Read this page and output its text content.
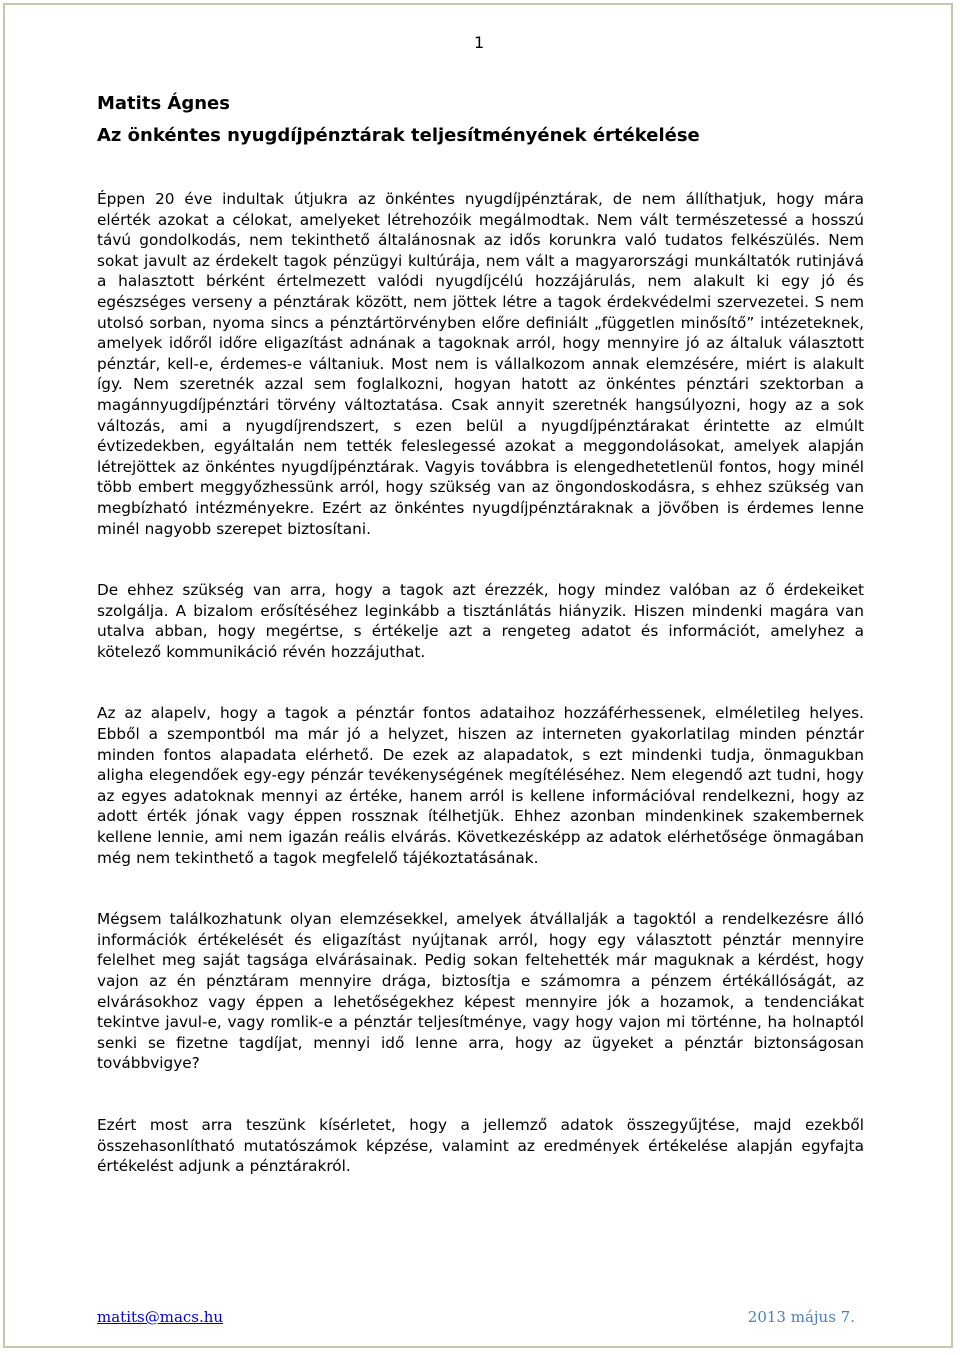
1
Matits Ágnes
Az önkéntes nyugdíjpénztárak teljesítményének értékelése

Éppen 20 éve indultak útjukra az önkéntes nyugdíjpénztárak, de nem állíthatjuk, hogy mára elérték azokat a célokat, amelyeket létrehozóik megálmodtak. Nem vált természetessé a hosszú távú gondolkodás, nem tekinthető általánosnak az idős korunkra való tudatos felkészülés. Nem sokat javult az érdekelt tagok pénzügyi kultúrája, nem vált a magyarországi munkáltatók rutinjává a halasztott bérként értelmezett valódi nyugdíjcélú hozzájárulás, nem alakult ki egy jó és egészséges verseny a pénztárak között, nem jöttek létre a tagok érdekvédelmi szervezetei. S nem utolsó sorban, nyoma sincs a pénztártörvényben előre definiált „független minősítő” intézeteknek, amelyek időről időre eligazítást adnának a tagoknak arról, hogy mennyire jó az általuk választott pénztár, kell-e, érdemes-e váltaniuk. Most nem is vállalkozom annak elemzésére, miért is alakult így. Nem szeretnék azzal sem foglalkozni, hogyan hatott az önkéntes pénztári szektorban a magánnyugdíjpénztári törvény változtatása. Csak annyit szeretnék hangsúlyozni, hogy az a sok változás, ami a nyugdíjrendszert, s ezen belül a nyugdíjpénztárakat érintette az elmúlt évtizedekben, egyáltalán nem tették feleslegessé azokat a meggondolásokat, amelyek alapján létrejöttek az önkéntes nyugdíjpénztárak. Vagyis továbbra is elengedhetetlenül fontos, hogy minél több embert meggyőzhessünk arról, hogy szükség van az öngondoskodásra, s ehhez szükség van megbízható intézményekre. Ezért az önkéntes nyugdíjpénztáraknak a jövőben is érdemes lenne minél nagyobb szerepet biztosítani.

De ehhez szükség van arra, hogy a tagok azt érezzék, hogy mindez valóban az ő érdekeiket szolgálja. A bizalom erősítéséhez leginkább a tisztánlátás hiányzik. Hiszen mindenki magára van utalva abban, hogy megértse, s értékelje azt a rengeteg adatot és információt, amelyhez a kötelező kommunikáció révén hozzájuthat.

Az az alapelv, hogy a tagok a pénztár fontos adataihoz hozzáférhessenek, elméletileg helyes. Ebből a szempontból ma már jó a helyzet, hiszen az interneten gyakorlatilag minden pénztár minden fontos alapadata elérhető. De ezek az alapadatok, s ezt mindenki tudja, önmagukban aligha elegendőek egy-egy pénzár tevékenységének megítéléséhez. Nem elegendő azt tudni, hogy az egyes adatoknak mennyi az értéke, hanem arról is kellene információval rendelkezni, hogy az adott érték jónak vagy éppen rossznak ítélhetjük. Ehhez azonban mindenkinek szakembernek kellene lennie, ami nem igazán reális elvárás. Következésképp az adatok elérhetősége önmagában még nem tekinthető a tagok megfelelő tájékoztatásának.

Mégsem találkozhatunk olyan elemzésekkel, amelyek átvállalják a tagoktól a rendelkezésre álló információk értékelését és eligazítást nyújtanak arról, hogy egy választott pénztár mennyire felelhet meg saját tagsága elvárásainak. Pedig sokan feltehették már maguknak a kérdést, hogy vajon az én pénztáram mennyire drága, biztosítja e számomra a pénzem értékállóságát, az elvárásokhoz vagy éppen a lehetőségekhez képest mennyire jók a hozamok, a tendenciákat tekintve javul-e, vagy romlik-e a pénztár teljesítménye, vagy hogy vajon mi történne, ha holnaptól senki se fizetne tagdíjat, mennyi idő lenne arra, hogy az ügyeket a pénztár biztonságosan továbbvigye?

Ezért most arra teszünk kísérletet, hogy a jellemző adatok összegyűjtése, majd ezekből összehasonlítható mutatószámok képzése, valamint az eredmények értékelése alapján egyfajta értékelést adjunk a pénztárakról.

matits@macs.hu	2013 május 7.
